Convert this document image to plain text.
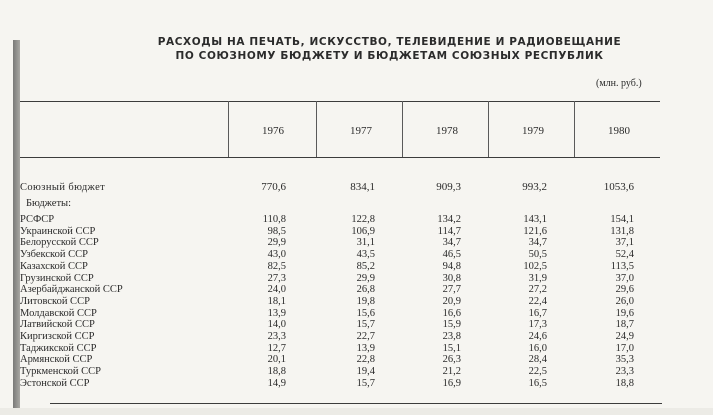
РАСХОДЫ НА ПЕЧАТЬ, ИСКУССТВО, ТЕЛЕВИДЕНИЕ И РАДИОВЕЩАНИЕ
ПО СОЮЗНОМУ БЮДЖЕТУ И БЮДЖЕТАМ СОЮЗНЫХ РЕСПУБЛИК
(млн. руб.)
1976	1977	1978	1979	1980
Союзный бюджет	770,6	834,1	909,3	993,2	1053,6
Бюджеты:
РСФСР	110,8	122,8	134,2	143,1	154,1
Украинской ССР	98,5	106,9	114,7	121,6	131,8
Белорусской ССР	29,9	31,1	34,7	34,7	37,1
Узбекской ССР	43,0	43,5	46,5	50,5	52,4
Казахской ССР	82,5	85,2	94,8	102,5	113,5
Грузинской ССР	27,3	29,9	30,8	31,9	37,0
Азербайджанской ССР	24,0	26,8	27,7	27,2	29,6
Литовской ССР	18,1	19,8	20,9	22,4	26,0
Молдавской ССР	13,9	15,6	16,6	16,7	19,6
Латвийской ССР	14,0	15,7	15,9	17,3	18,7
Киргизской ССР	23,3	22,7	23,8	24,6	24,9
Таджикской ССР	12,7	13,9	15,1	16,0	17,0
Армянской ССР	20,1	22,8	26,3	28,4	35,3
Туркменской ССР	18,8	19,4	21,2	22,5	23,3
Эстонской ССР	14,9	15,7	16,9	16,5	18,8
